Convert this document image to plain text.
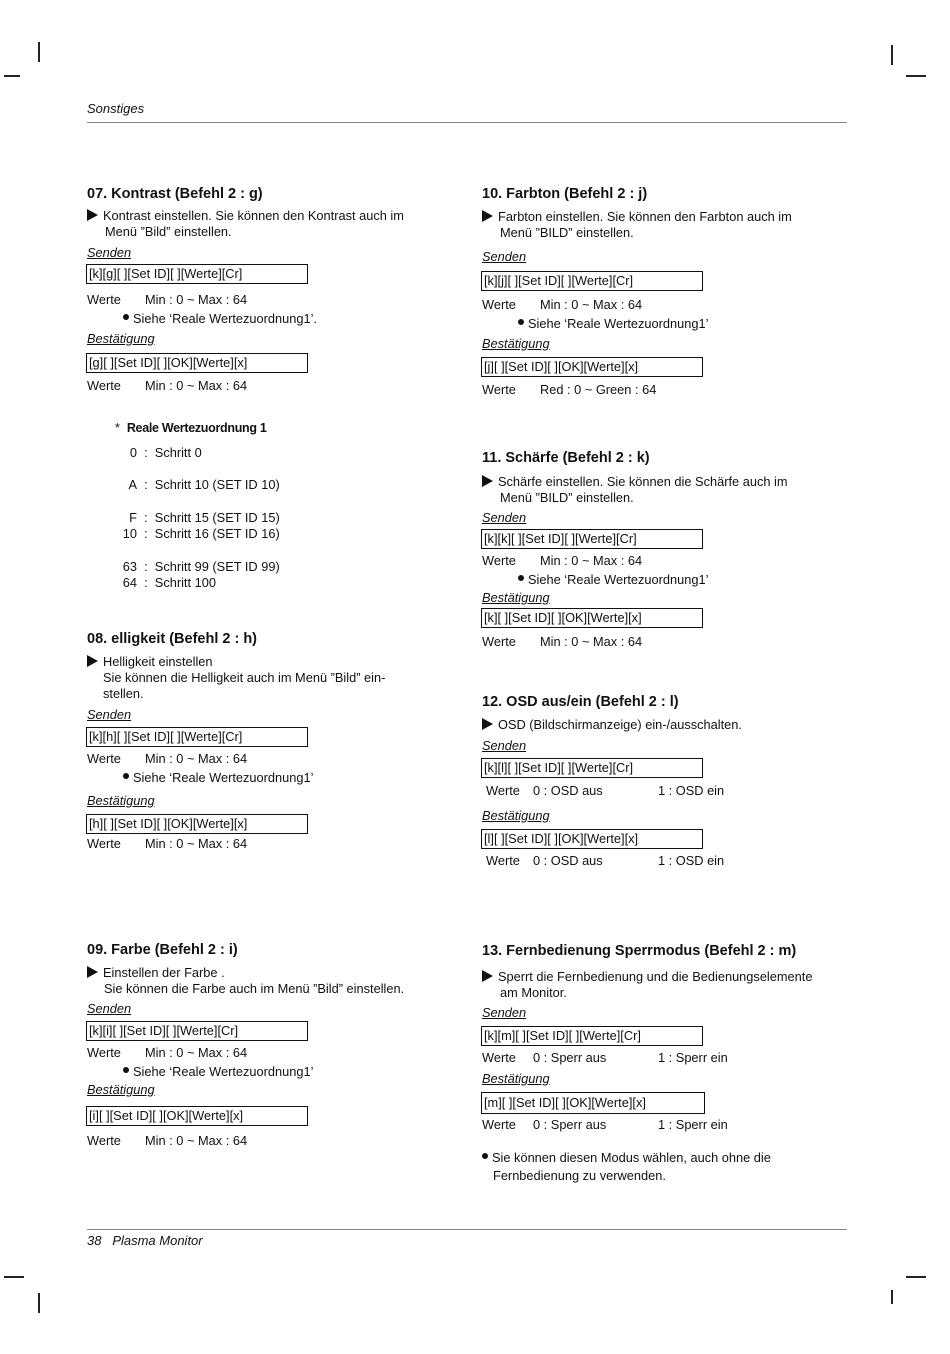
Sonstiges
07. Kontrast (Befehl 2 : g)
Kontrast einstellen. Sie können den Kontrast auch im
Menü ”Bild” einstellen.
Senden
[k][g][ ][Set ID][ ][Werte][Cr]
Werte Min : 0 ~ Max : 64
Siehe ‘Reale Wertezuordnung1’.
Bestätigung
[g][ ][Set ID][ ][OK][Werte][x]
Werte Min : 0 ~ Max : 64
* Reale Wertezuordnung 1
0  :  Schritt 0
A  :  Schritt 10 (SET ID 10)
F  :  Schritt 15 (SET ID 15)
10  :  Schritt 16 (SET ID 16)
63  :  Schritt 99 (SET ID 99)
64  :  Schritt 100
08. elligkeit (Befehl 2 : h)
Helligkeit einstellen

Sie können die Helligkeit auch im Menü ”Bild” ein-
stellen.
Senden
[k][h][ ][Set ID][ ][Werte][Cr]
Werte Min : 0 ~ Max : 64
Siehe ‘Reale Wertezuordnung1’
Bestätigung
[h][ ][Set ID][ ][OK][Werte][x]
Werte Min : 0 ~ Max : 64
09. Farbe (Befehl 2 : i)
Einstellen der Farbe .
Sie können die Farbe auch im Menü ”Bild” einstellen.
Senden
[k][i][ ][Set ID][ ][Werte][Cr]
Werte Min : 0 ~ Max : 64
Siehe ‘Reale Wertezuordnung1’
Bestätigung
[i][ ][Set ID][ ][OK][Werte][x]
Werte Min : 0 ~ Max : 64
10. Farbton (Befehl 2 : j)
Farbton einstellen. Sie können den Farbton auch im
Menü ”BILD” einstellen.
Senden
[k][j][ ][Set ID][ ][Werte][Cr]
Werte Min : 0 ~ Max : 64
Siehe ‘Reale Wertezuordnung1’
Bestätigung
[j][ ][Set ID][ ][OK][Werte][x]
Werte Red : 0 ~ Green : 64
11. Schärfe (Befehl 2 : k)
Schärfe einstellen. Sie können die Schärfe auch im
Menü ”BILD” einstellen.
Senden
[k][k][ ][Set ID][ ][Werte][Cr]
Werte Min : 0 ~ Max : 64
Siehe ‘Reale Wertezuordnung1’
Bestätigung
[k][ ][Set ID][ ][OK][Werte][x]
Werte Min : 0 ~ Max : 64
12. OSD aus/ein (Befehl 2 : l)
OSD (Bildschirmanzeige) ein-/ausschalten.
Senden
[k][l][ ][Set ID][ ][Werte][Cr]
Werte 0 : OSD aus	1 : OSD ein
Bestätigung
[l][ ][Set ID][ ][OK][Werte][x]
Werte 0 : OSD aus	1 : OSD ein
13. Fernbedienung Sperrmodus (Befehl 2 : m)
Sperrt die Fernbedienung und die Bedienungselemente
am Monitor.
Senden
[k][m][ ][Set ID][ ][Werte][Cr]
Werte 0 : Sperr aus	1 : Sperr ein
Bestätigung
[m][ ][Set ID][ ][OK][Werte][x]
Werte 0 : Sperr aus	1 : Sperr ein
Sie können diesen Modus wählen, auch ohne die
Fernbedienung zu verwenden.
38 Plasma Monitor
